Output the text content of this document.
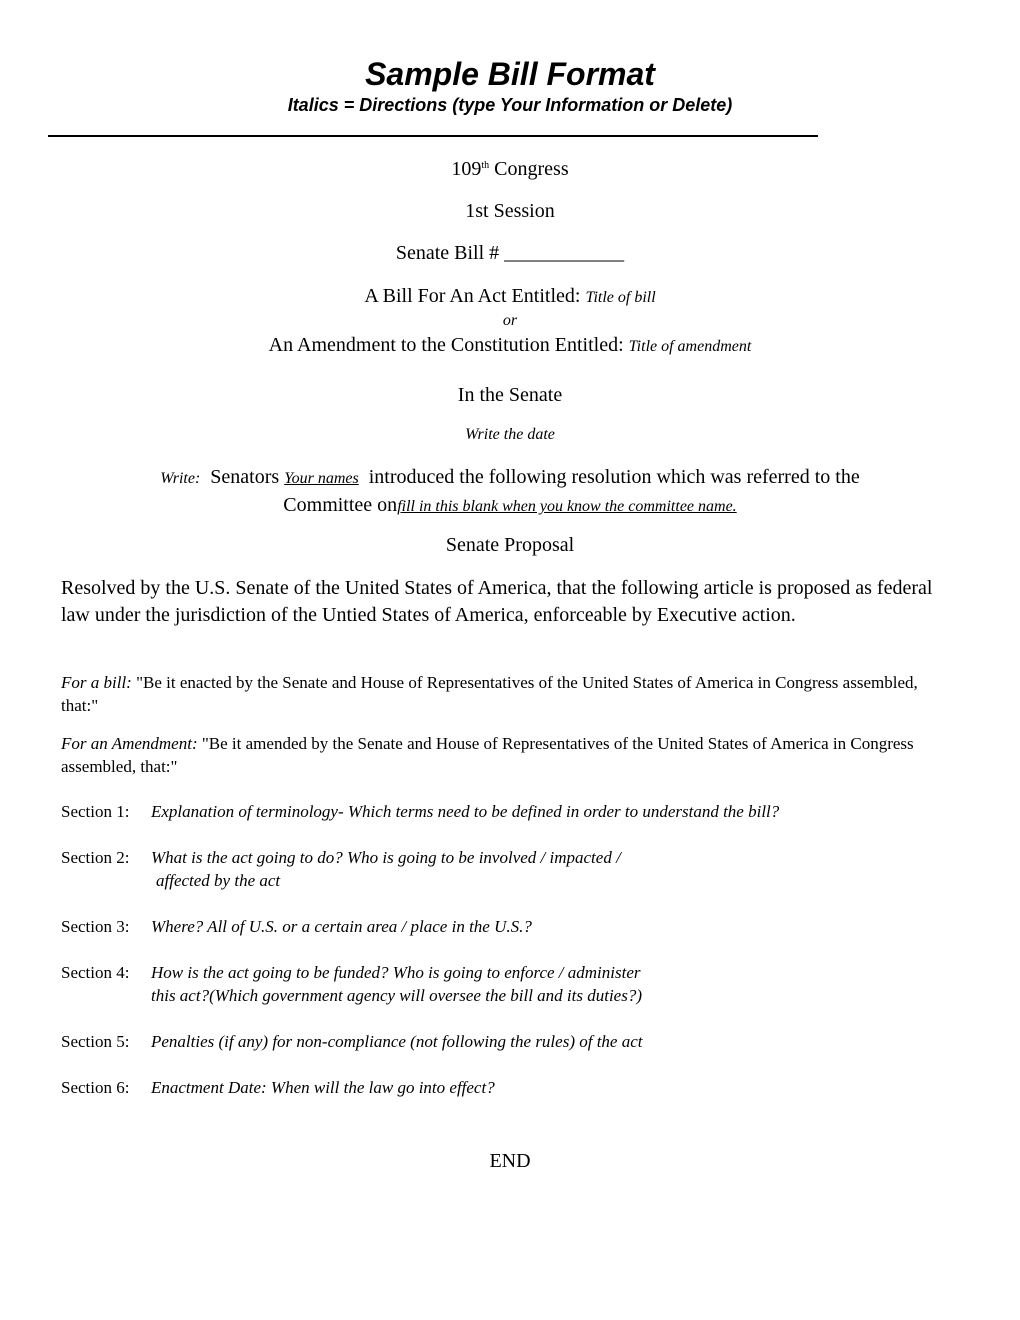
Sample Bill Format
Italics = Directions (type Your Information or Delete)
109th Congress
1st Session
Senate Bill # ____________
A Bill For An Act Entitled: Title of bill
or
An Amendment to the Constitution Entitled: Title of amendment
In the Senate
Write the date
Write: Senators Your names introduced the following resolution which was referred to the
Committee onfill in this blank when you know the committee name.
Senate Proposal
Resolved by the U.S. Senate of the United States of America, that the following article is proposed as federal law under the jurisdiction of the Untied States of America, enforceable by Executive action.
For a bill: "Be it enacted by the Senate and House of Representatives of the United States of America in Congress assembled, that:"
For an Amendment: "Be it amended by the Senate and House of Representatives of the United States of America in Congress assembled, that:"
Section 1: Explanation of terminology- Which terms need to be defined in order to understand the bill?
Section 2: What is the act going to do? Who is going to be involved / impacted /
affected by the act
Section 3: Where? All of U.S. or a certain area / place in the U.S.?
Section 4: How is the act going to be funded? Who is going to enforce / administer
this act?(Which government agency will oversee the bill and its duties?)
Section 5: Penalties (if any) for non-compliance (not following the rules) of the act
Section 6: Enactment Date: When will the law go into effect?
END
